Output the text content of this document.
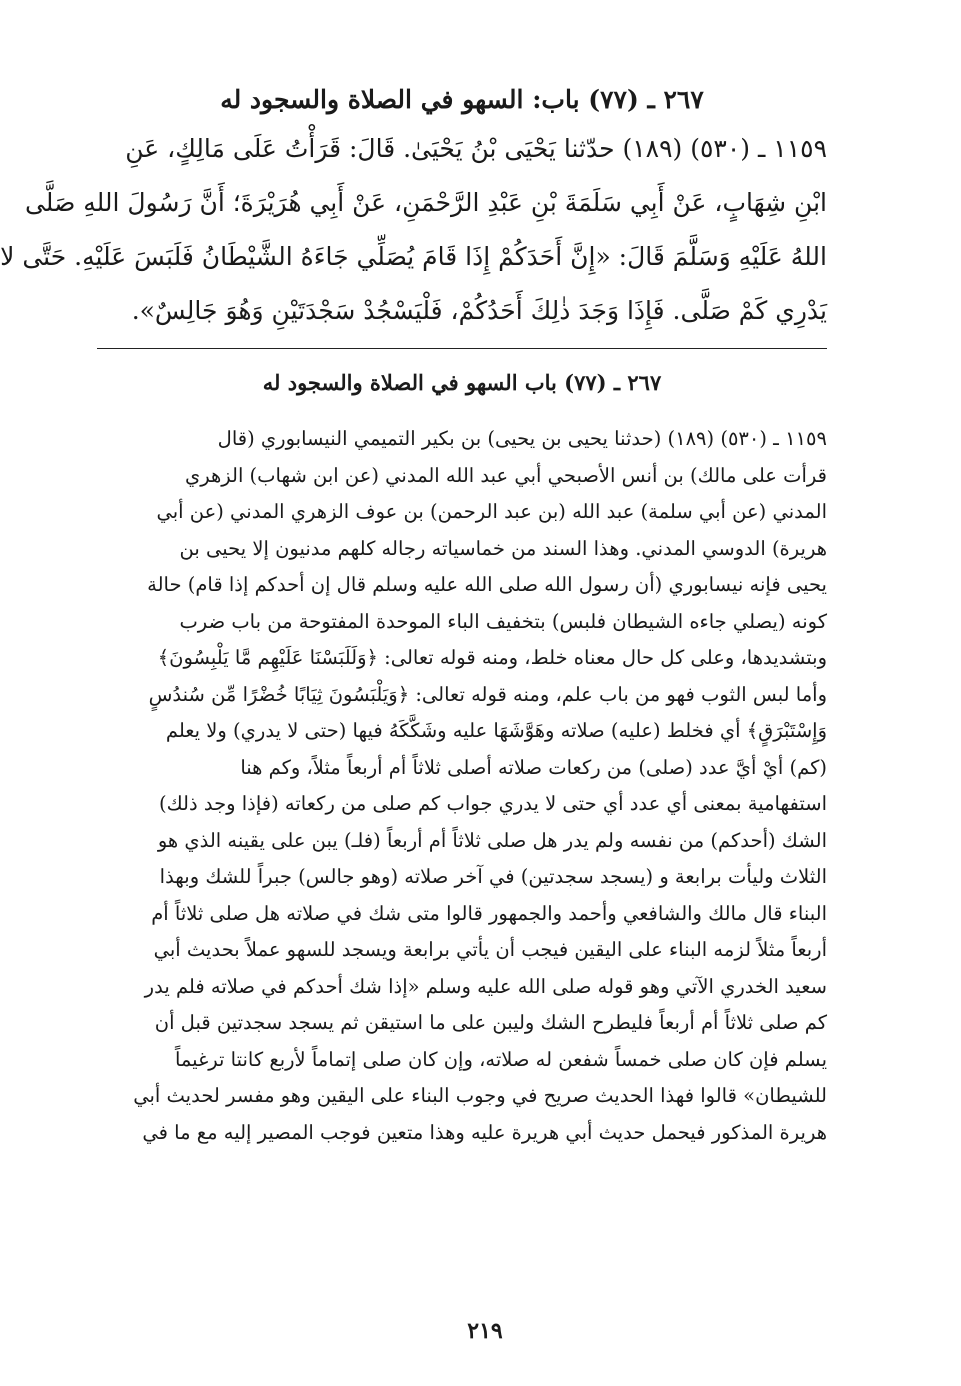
٢٦٧ ـ (٧٧) باب: السهو في الصلاة والسجود له
١١٥٩ ـ (٥٣٠) (١٨٩) حدّثنا يَحْيَى بْنُ يَحْيَىٰ. قَالَ: قَرَأْتُ عَلَى مَالِكٍ، عَنِ
ابْنِ شِهَابٍ، عَنْ أَبِي سَلَمَةَ بْنِ عَبْدِ الرَّحْمَنِ، عَنْ أَبِي هُرَيْرَةَ؛ أَنَّ رَسُولَ اللهِ صَلَّى
اللهُ عَلَيْهِ وَسَلَّمَ قَالَ: «إِنَّ أَحَدَكُمْ إِذَا قَامَ يُصَلِّي جَاءَهُ الشَّيْطَانُ فَلَبَسَ عَلَيْهِ. حَتَّى لا
يَدْرِي كَمْ صَلَّى. فَإِذَا وَجَدَ ذٰلِكَ أَحَدُكُمْ، فَلْيَسْجُدْ سَجْدَتَيْنِ وَهُوَ جَالِسٌ».
٢٦٧ ـ (٧٧) باب السهو في الصلاة والسجود له
١١٥٩ ـ (٥٣٠) (١٨٩) (حدثنا يحيى بن يحيى) بن بكير التميمي النيسابوري (قال
قرأت على مالك) بن أنس الأصبحي أبي عبد الله المدني (عن ابن شهاب) الزهري
المدني (عن أبي سلمة) عبد الله (بن عبد الرحمن) بن عوف الزهري المدني (عن أبي
هريرة) الدوسي المدني. وهذا السند من خماسياته رجاله كلهم مدنيون إلا يحيى بن
يحيى فإنه نيسابوري (أن رسول الله صلى الله عليه وسلم قال إن أحدكم إذا قام) حالة
كونه (يصلي جاءه الشيطان فلبس) بتخفيف الباء الموحدة المفتوحة من باب ضرب
وبتشديدها، وعلى كل حال معناه خلط، ومنه قوله تعالى: ﴿وَلَلَبَسْنَا عَلَيْهِم مَّا يَلْبِسُونَ﴾
وأما لبس الثوب فهو من باب علم، ومنه قوله تعالى: ﴿وَيَلْبَسُونَ ثِيَابًا خُضْرًا مِّن سُندُسٍ
وَإِسْتَبْرَقٍ﴾ أي فخلط (عليه) صلاته وهَوَّشَهَا عليه وشَكَّكَهُ فيها (حتى لا يدري) ولا يعلم
(كم) أيْ أيَّ عدد (صلى) من ركعات صلاته أصلى ثلاثاً أم أربعاً مثلاً، وكم هنا
استفهامية بمعنى أي عدد أي حتى لا يدري جواب كم صلى من ركعاته (فإذا وجد ذلك)
الشك (أحدكم) من نفسه ولم يدر هل صلى ثلاثاً أم أربعاً (فلـ) يبن على يقينه الذي هو
الثلاث وليأت برابعة و (يسجد سجدتين) في آخر صلاته (وهو جالس) جبراً للشك وبهذا
البناء قال مالك والشافعي وأحمد والجمهور قالوا متى شك في صلاته هل صلى ثلاثاً أم
أربعاً مثلاً لزمه البناء على اليقين فيجب أن يأتي برابعة ويسجد للسهو عملاً بحديث أبي
سعيد الخدري الآتي وهو قوله صلى الله عليه وسلم «إذا شك أحدكم في صلاته فلم يدر
كم صلى ثلاثاً أم أربعاً فليطرح الشك وليبن على ما استيقن ثم يسجد سجدتين قبل أن
يسلم فإن كان صلى خمساً شفعن له صلاته، وإن كان صلى إتماماً لأربع كانتا ترغيماً
للشيطان» قالوا فهذا الحديث صريح في وجوب البناء على اليقين وهو مفسر لحديث أبي
هريرة المذكور فيحمل حديث أبي هريرة عليه وهذا متعين فوجب المصير إليه مع ما في
٢١٩
